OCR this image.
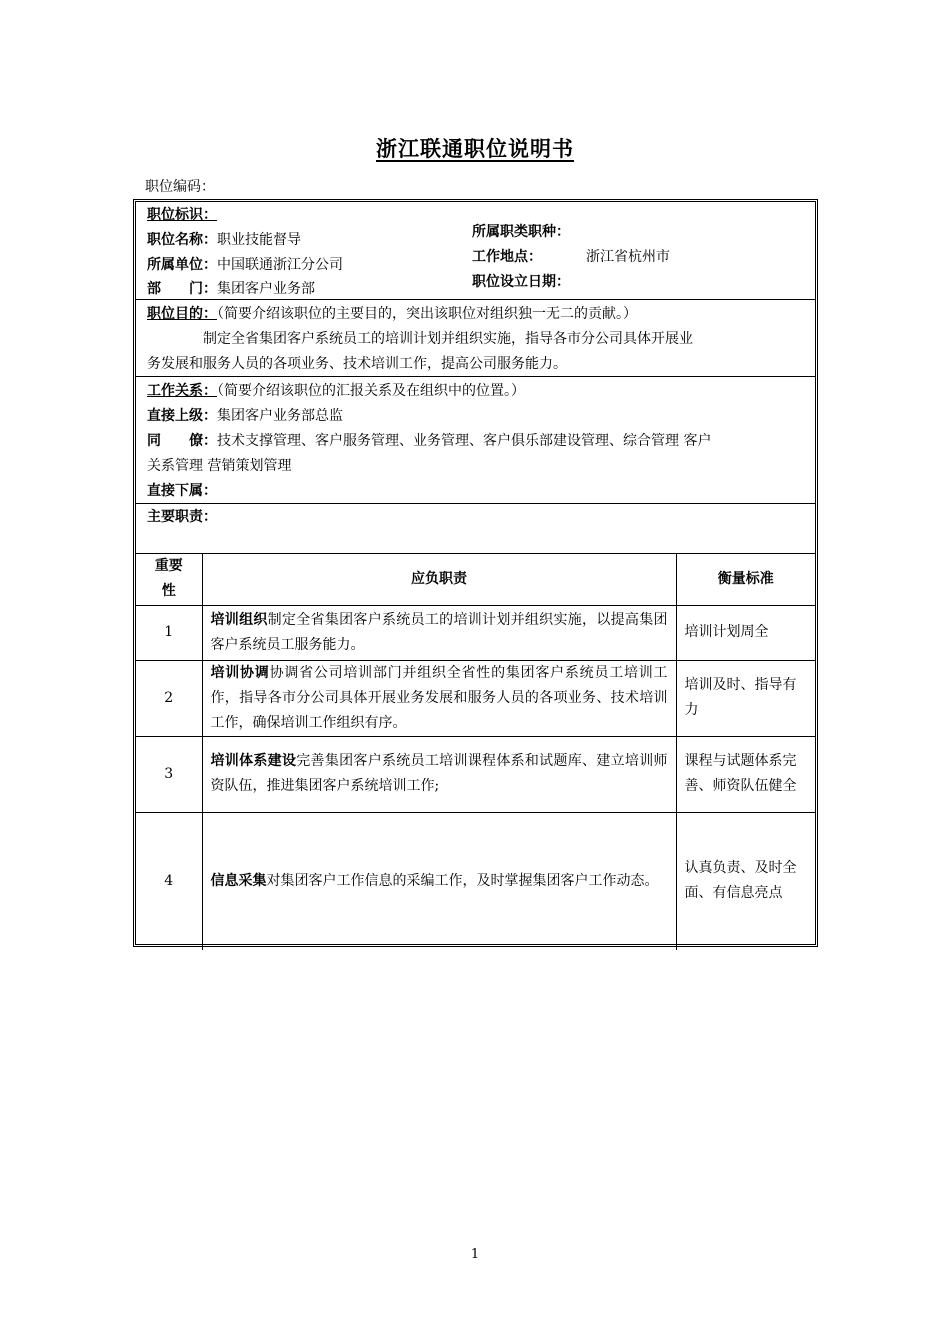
浙江联通职位说明书
职位编码：
职位标识：
职位名称：职业技能督导
所属单位：中国联通浙江分公司
部 门：集团客户业务部
所属职类职种：
工作地点：	浙江省杭州市
职位设立日期：
职位目的：（简要介绍该职位的主要目的，突出该职位对组织独一无二的贡献。）
制定全省集团客户系统员工的培训计划并组织实施，指导各市分公司具体开展业
务发展和服务人员的各项业务、技术培训工作，提高公司服务能力。
工作关系：（简要介绍该职位的汇报关系及在组织中的位置。）
直接上级：集团客户业务部总监
同 僚：技术支撑管理、客户服务管理、业务管理、客户俱乐部建设管理、综合管理 客户
关系管理 营销策划管理
直接下属：
主要职责：
重要
性	应负职责	衡量标准
1	培训组织制定全省集团客户系统员工的培训计划并组织实施，以提高集团客户系统员工服务能力。	培训计划周全
2	培训协调协调省公司培训部门并组织全省性的集团客户系统员工培训工作，指导各市分公司具体开展业务发展和服务人员的各项业务、技术培训工作，确保培训工作组织有序。	培训及时、指导有力
3	培训体系建设完善集团客户系统员工培训课程体系和试题库、建立培训师资队伍，推进集团客户系统培训工作;	课程与试题体系完善、师资队伍健全
4	信息采集对集团客户工作信息的采编工作，及时掌握集团客户工作动态。	认真负责、及时全面、有信息亮点
1
